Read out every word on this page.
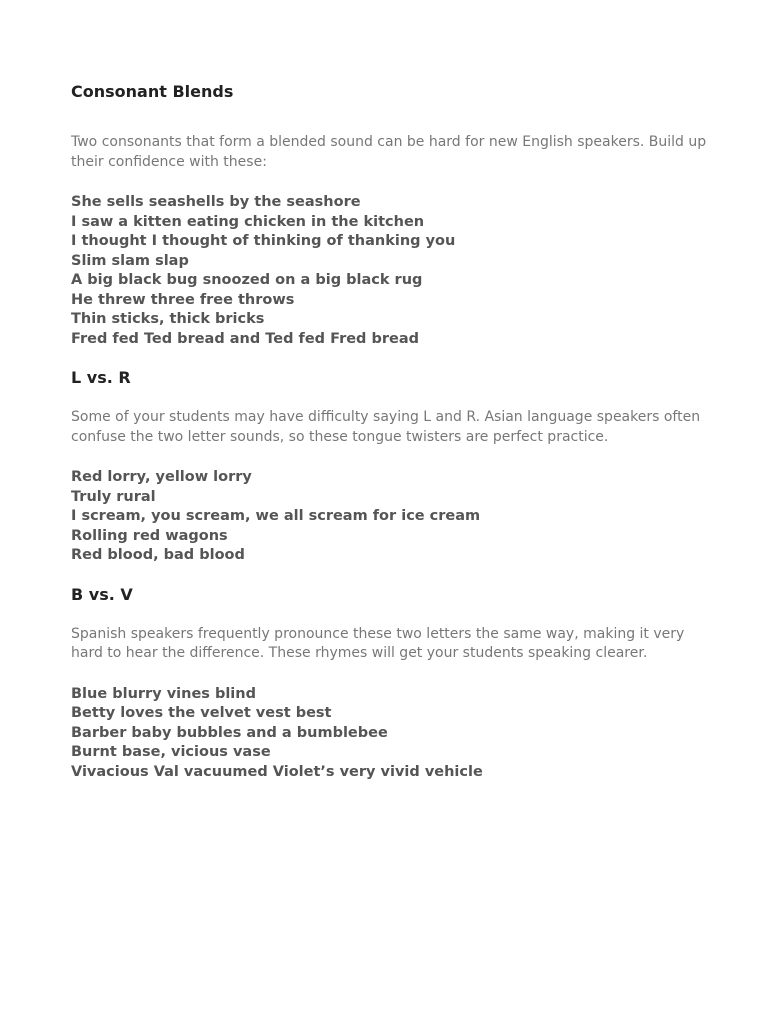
Consonant Blends

Two consonants that form a blended sound can be hard for new English speakers. Build up their confidence with these:

She sells seashells by the seashore
I saw a kitten eating chicken in the kitchen
I thought I thought of thinking of thanking you
Slim slam slap
A big black bug snoozed on a big black rug
He threw three free throws
Thin sticks, thick bricks
Fred fed Ted bread and Ted fed Fred bread
L vs. R

Some of your students may have difficulty saying L and R. Asian language speakers often confuse the two letter sounds, so these tongue twisters are perfect practice.

Red lorry, yellow lorry
Truly rural
I scream, you scream, we all scream for ice cream
Rolling red wagons
Red blood, bad blood
B vs. V

Spanish speakers frequently pronounce these two letters the same way, making it very hard to hear the difference. These rhymes will get your students speaking clearer.

Blue blurry vines blind
Betty loves the velvet vest best
Barber baby bubbles and a bumblebee
Burnt base, vicious vase
Vivacious Val vacuumed Violet’s very vivid vehicle
